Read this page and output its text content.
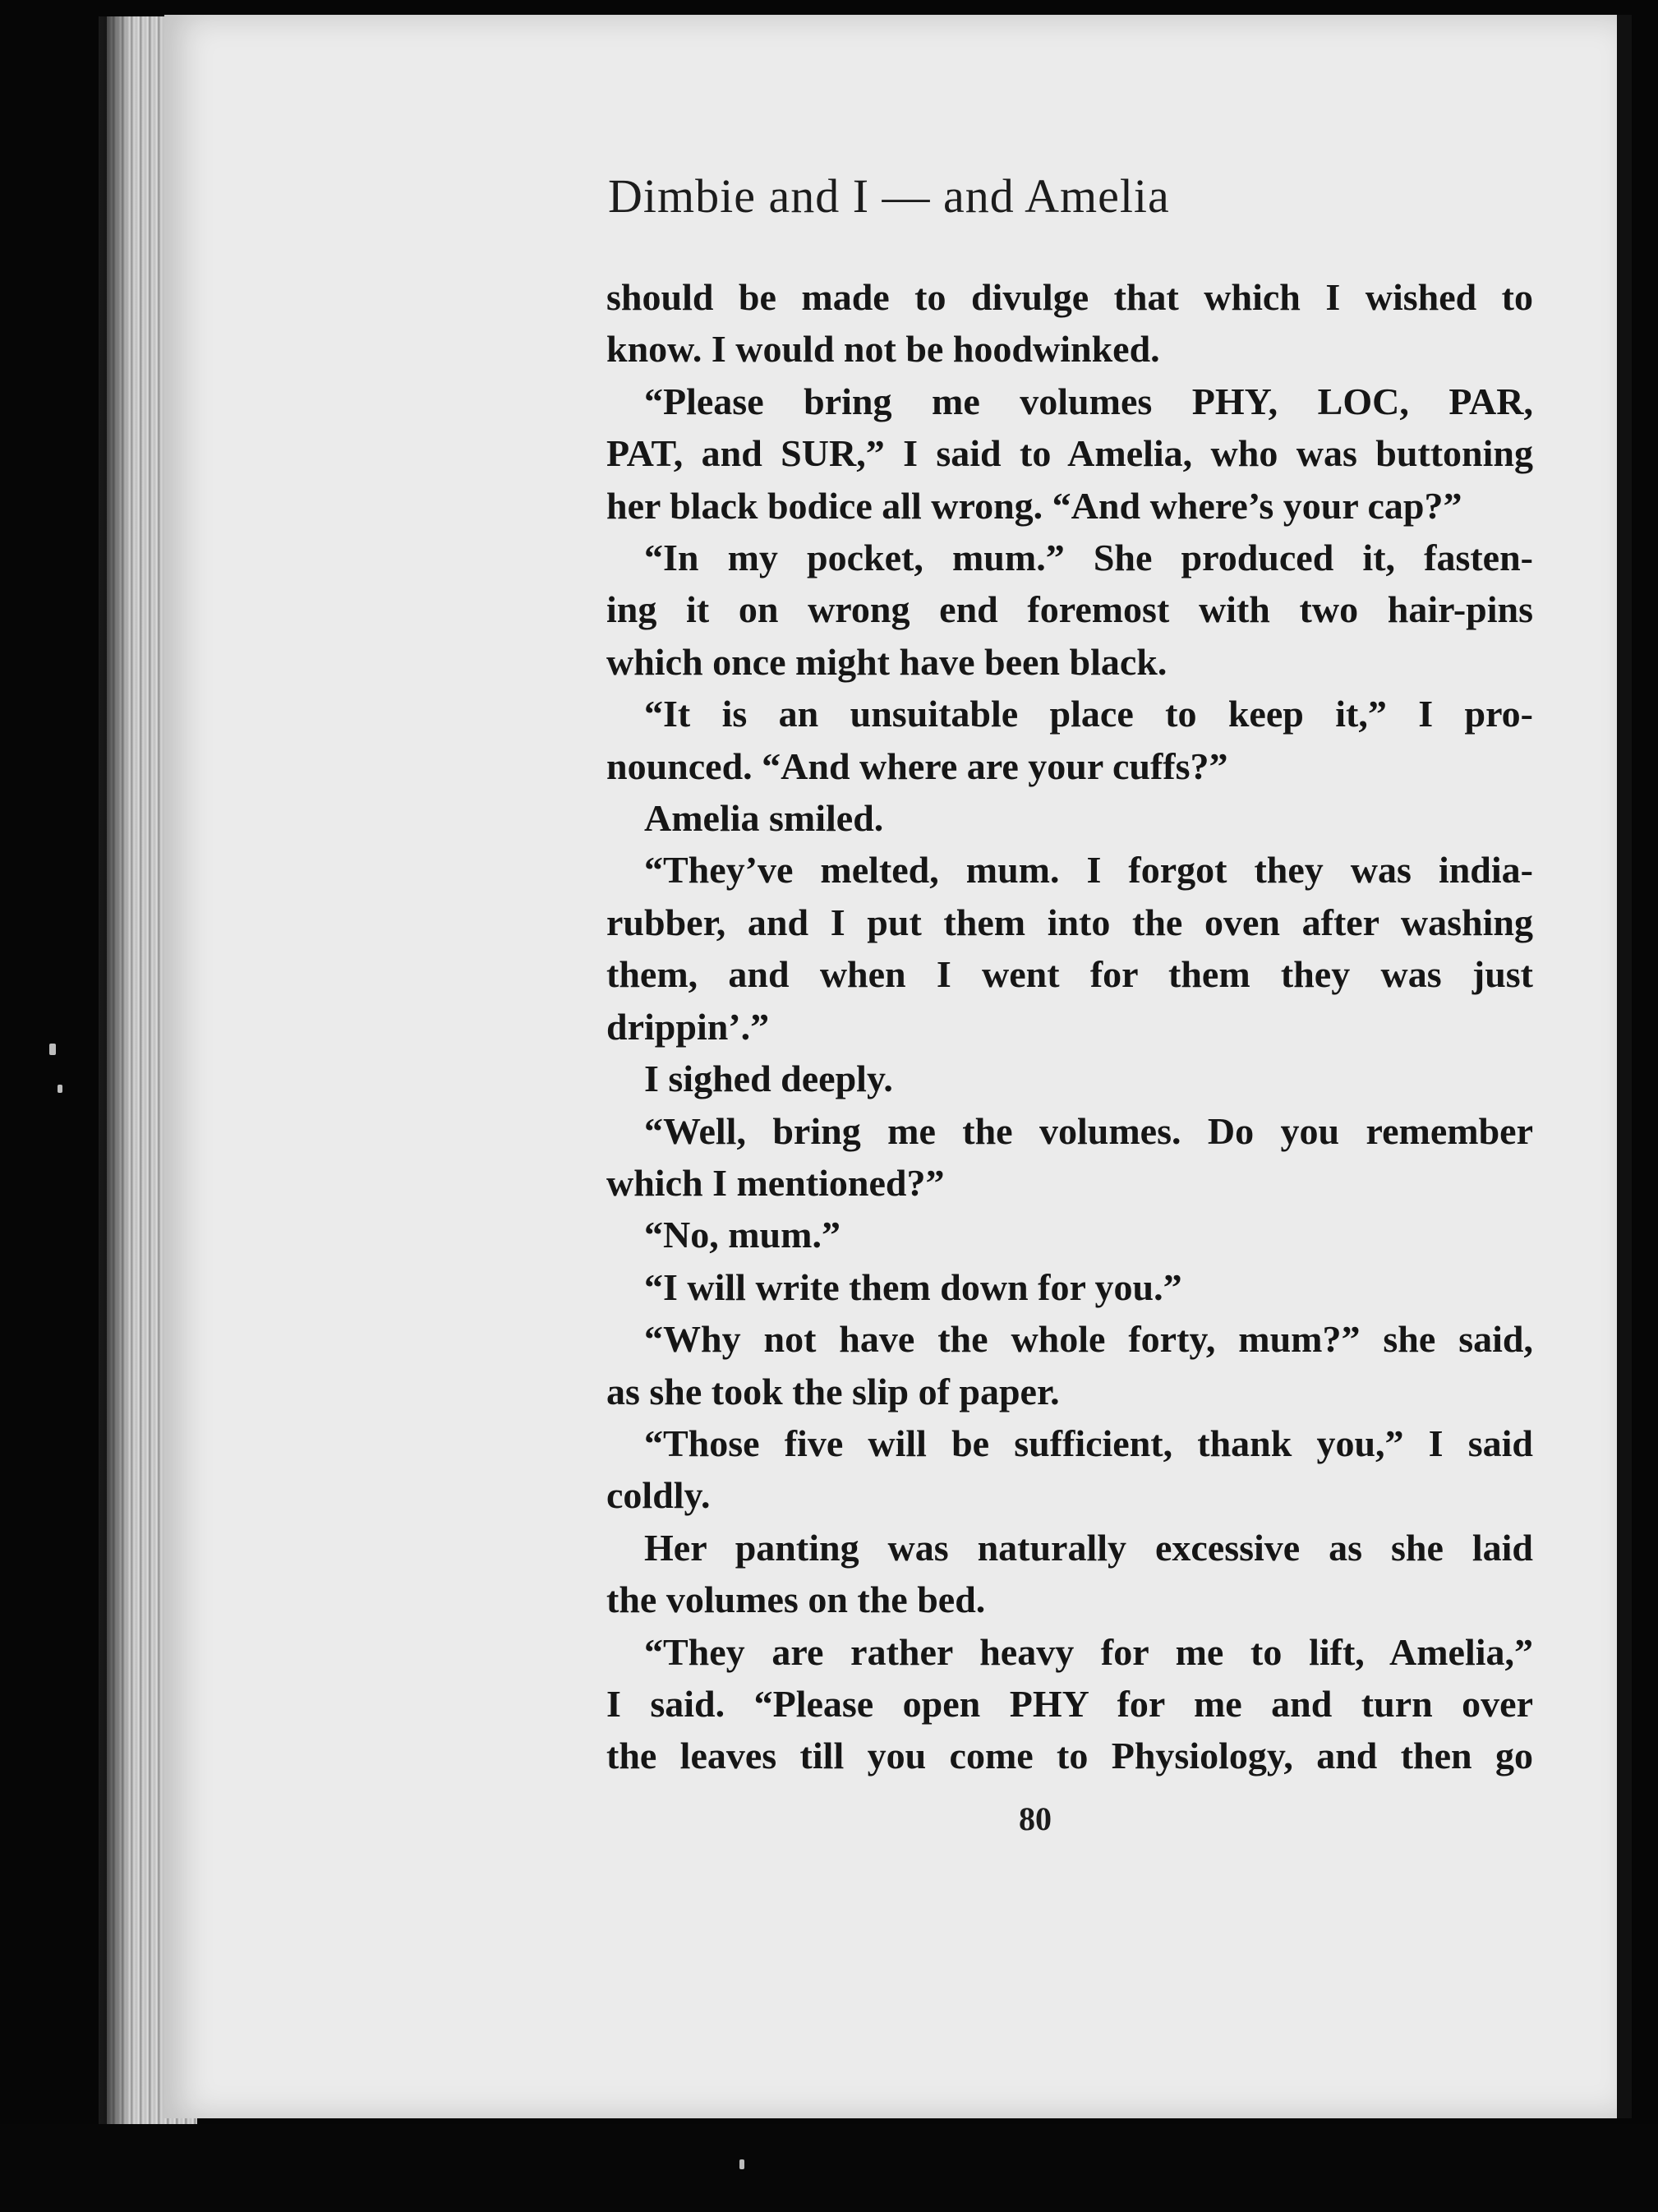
Dimbie and I — and Amelia
should be made to divulge that which I wished to
know. I would not be hoodwinked.
“Please bring me volumes PHY, LOC, PAR,
PAT, and SUR,” I said to Amelia, who was buttoning
her black bodice all wrong. “And where’s your cap?”
“In my pocket, mum.” She produced it, fasten-
ing it on wrong end foremost with two hair-pins
which once might have been black.
“It is an unsuitable place to keep it,” I pro-
nounced. “And where are your cuffs?”
Amelia smiled.
“They’ve melted, mum. I forgot they was india-
rubber, and I put them into the oven after washing
them, and when I went for them they was just
drippin’.”
I sighed deeply.
“Well, bring me the volumes. Do you remember
which I mentioned?”
“No, mum.”
“I will write them down for you.”
“Why not have the whole forty, mum?” she said,
as she took the slip of paper.
“Those five will be sufficient, thank you,” I said
coldly.
Her panting was naturally excessive as she laid
the volumes on the bed.
“They are rather heavy for me to lift, Amelia,”
I said. “Please open PHY for me and turn over
the leaves till you come to Physiology, and then go
80
